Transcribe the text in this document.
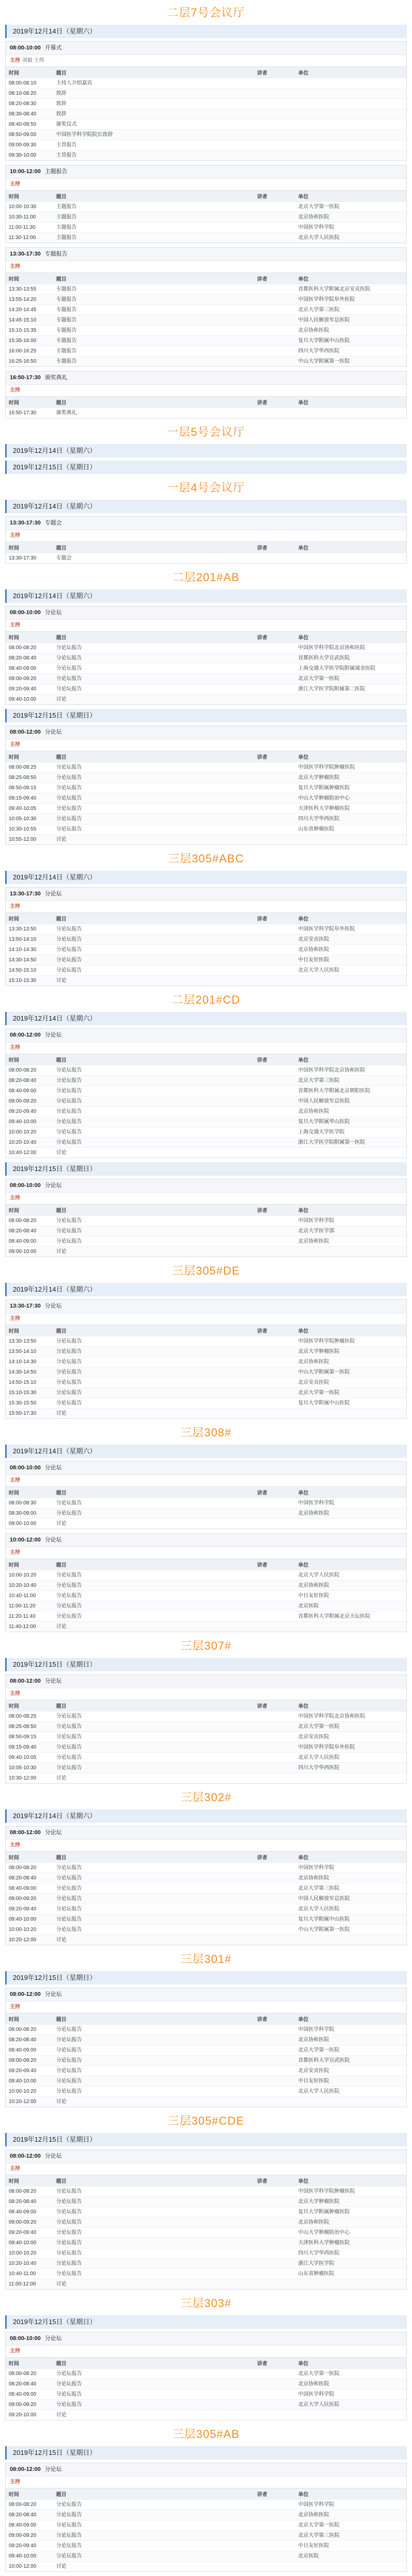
二层7号会议厅
2019年12月14日（星期六）
08:00-10:00 开幕式
主持 刘毅 王伟
时间	题目	讲者	单位
08:00-08:10	主持人介绍嘉宾		
08:10-08:20	致辞		
08:20-08:30	致辞		
08:30-08:40	致辞		
08:40-08:50	颁奖仪式		
08:50-09:00	中国医学科学院院长致辞		
09:00-09:30	主旨报告		
09:30-10:00	主旨报告		
10:00-12:00 主题报告
主持
时间	题目	讲者	单位
10:00-10:30	主题报告		北京大学第一医院
10:30-11:00	主题报告		北京协和医院
11:00-11:30	主题报告		中国医学科学院
11:30-12:00	主题报告		北京大学人民医院
13:30-17:30 专题报告
主持
时间	题目	讲者	单位
13:30-13:55	专题报告		首都医科大学附属北京安贞医院
13:55-14:20	专题报告		中国医学科学院阜外医院
14:20-14:45	专题报告		北京大学第三医院
14:45-15:10	专题报告		中国人民解放军总医院
15:10-15:35	专题报告		北京协和医院
15:35-16:00	专题报告		复旦大学附属中山医院
16:00-16:25	专题报告		四川大学华西医院
16:25-16:50	专题报告		中山大学附属第一医院
16:50-17:30 颁奖典礼
主持
时间	题目	讲者	单位
16:50-17:30	颁奖典礼		
一层5号会议厅
2019年12月14日（星期六）
2019年12月15日（星期日）
一层4号会议厅
2019年12月14日（星期六）
13:30-17:30 专题会
主持
时间	题目	讲者	单位
13:30-17:30	专题会		
二层201#AB
2019年12月14日（星期六）
08:00-10:00 分论坛
主持
时间	题目	讲者	单位
08:00-08:20	分论坛报告		中国医学科学院北京协和医院
08:20-08:40	分论坛报告		首都医科大学宣武医院
08:40-09:00	分论坛报告		上海交通大学医学院附属瑞金医院
09:00-09:20	分论坛报告		北京大学第一医院
09:20-09:40	分论坛报告		浙江大学医学院附属第二医院
09:40-10:00	讨论		
2019年12月15日（星期日）
08:00-12:00 分论坛
主持
时间	题目	讲者	单位
08:00-08:25	分论坛报告		中国医学科学院肿瘤医院
08:25-08:50	分论坛报告		北京大学肿瘤医院
08:50-09:15	分论坛报告		复旦大学附属肿瘤医院
09:15-09:40	分论坛报告		中山大学肿瘤防治中心
09:40-10:05	分论坛报告		天津医科大学肿瘤医院
10:05-10:30	分论坛报告		四川大学华西医院
10:30-10:55	分论坛报告		山东省肿瘤医院
10:55-12:00	讨论		
三层305#ABC
2019年12月14日（星期六）
13:30-17:30 分论坛
主持
时间	题目	讲者	单位
13:30-13:50	分论坛报告		中国医学科学院阜外医院
13:50-14:10	分论坛报告		北京安贞医院
14:10-14:30	分论坛报告		北京协和医院
14:30-14:50	分论坛报告		中日友好医院
14:50-15:10	分论坛报告		北京大学人民医院
15:10-15:30	讨论		
二层201#CD
2019年12月14日（星期六）
08:00-12:00 分论坛
主持
时间	题目	讲者	单位
08:00-08:20	分论坛报告		中国医学科学院北京协和医院
08:20-08:40	分论坛报告		北京大学第三医院
08:40-09:00	分论坛报告		首都医科大学附属北京朝阳医院
09:00-09:20	分论坛报告		中国人民解放军总医院
09:20-09:40	分论坛报告		北京协和医院
09:40-10:00	分论坛报告		复旦大学附属华山医院
10:00-10:20	分论坛报告		上海交通大学医学院
10:20-10:40	分论坛报告		浙江大学医学院附属第一医院
10:40-12:00	讨论		
2019年12月15日（星期日）
08:00-10:00 分论坛
主持
时间	题目	讲者	单位
08:00-08:20	分论坛报告		中国医学科学院
08:20-08:40	分论坛报告		北京大学医学部
08:40-09:00	分论坛报告		北京协和医院
09:00-10:00	讨论		
三层305#DE
2019年12月14日（星期六）
13:30-17:30 分论坛
主持
时间	题目	讲者	单位
13:30-13:50	分论坛报告		中国医学科学院肿瘤医院
13:50-14:10	分论坛报告		北京大学肿瘤医院
14:10-14:30	分论坛报告		北京协和医院
14:30-14:50	分论坛报告		中山大学附属第一医院
14:50-15:10	分论坛报告		北京安贞医院
15:10-15:30	分论坛报告		北京大学第一医院
15:30-15:50	分论坛报告		复旦大学附属中山医院
15:50-17:30	讨论		
三层308#
2019年12月14日（星期六）
08:00-10:00 分论坛
主持
时间	题目	讲者	单位
08:00-08:30	分论坛报告		中国医学科学院
08:30-09:00	分论坛报告		北京协和医院
09:00-10:00	讨论		
10:00-12:00 分论坛
主持
时间	题目	讲者	单位
10:00-10:20	分论坛报告		北京大学人民医院
10:20-10:40	分论坛报告		北京协和医院
10:40-11:00	分论坛报告		中日友好医院
11:00-11:20	分论坛报告		北京医院
11:20-11:40	分论坛报告		首都医科大学附属北京天坛医院
11:40-12:00	讨论		
三层307#
2019年12月15日（星期日）
08:00-12:00 分论坛
主持
时间	题目	讲者	单位
08:00-08:25	分论坛报告		中国医学科学院北京协和医院
08:25-08:50	分论坛报告		北京大学第一医院
08:50-09:15	分论坛报告		北京安贞医院
09:15-09:40	分论坛报告		中国医学科学院阜外医院
09:40-10:05	分论坛报告		北京大学人民医院
10:05-10:30	分论坛报告		四川大学华西医院
10:30-12:00	讨论		
三层302#
2019年12月14日（星期六）
08:00-12:00 分论坛
主持
时间	题目	讲者	单位
08:00-08:20	分论坛报告		中国医学科学院
08:20-08:40	分论坛报告		北京协和医院
08:40-09:00	分论坛报告		北京大学第三医院
09:00-09:20	分论坛报告		中国人民解放军总医院
09:20-09:40	分论坛报告		北京大学人民医院
09:40-10:00	分论坛报告		复旦大学附属中山医院
10:00-10:20	分论坛报告		中山大学附属第一医院
10:20-12:00	讨论		
三层301#
2019年12月15日（星期日）
08:00-12:00 分论坛
主持
时间	题目	讲者	单位
08:00-08:20	分论坛报告		中国医学科学院
08:20-08:40	分论坛报告		北京协和医院
08:40-09:00	分论坛报告		北京大学第一医院
09:00-09:20	分论坛报告		首都医科大学宣武医院
09:20-09:40	分论坛报告		北京安贞医院
09:40-10:00	分论坛报告		中日友好医院
10:00-10:20	分论坛报告		北京大学人民医院
10:20-12:00	讨论		
三层305#CDE
2019年12月15日（星期日）
08:00-12:00 分论坛
主持
时间	题目	讲者	单位
08:00-08:20	分论坛报告		中国医学科学院肿瘤医院
08:20-08:40	分论坛报告		北京大学肿瘤医院
08:40-09:00	分论坛报告		复旦大学附属肿瘤医院
09:00-09:20	分论坛报告		北京协和医院
09:20-09:40	分论坛报告		中山大学肿瘤防治中心
09:40-10:00	分论坛报告		天津医科大学肿瘤医院
10:00-10:20	分论坛报告		四川大学华西医院
10:20-10:40	分论坛报告		浙江大学医学院
10:40-11:00	分论坛报告		山东省肿瘤医院
11:00-12:00	讨论		
三层303#
2019年12月15日（星期日）
08:00-10:00 分论坛
主持
时间	题目	讲者	单位
08:00-08:20	分论坛报告		北京大学第一医院
08:20-08:40	分论坛报告		北京协和医院
08:40-09:00	分论坛报告		中国医学科学院
09:00-09:20	分论坛报告		北京大学人民医院
09:20-10:00	讨论		
三层305#AB
2019年12月15日（星期日）
08:00-12:00 分论坛
主持
时间	题目	讲者	单位
08:00-08:20	分论坛报告		中国医学科学院
08:20-08:40	分论坛报告		北京协和医院
08:40-09:00	分论坛报告		北京大学第一医院
09:00-09:20	分论坛报告		北京大学第三医院
09:20-09:40	分论坛报告		中日友好医院
09:40-10:00	分论坛报告		北京医院
10:00-12:00	讨论		
